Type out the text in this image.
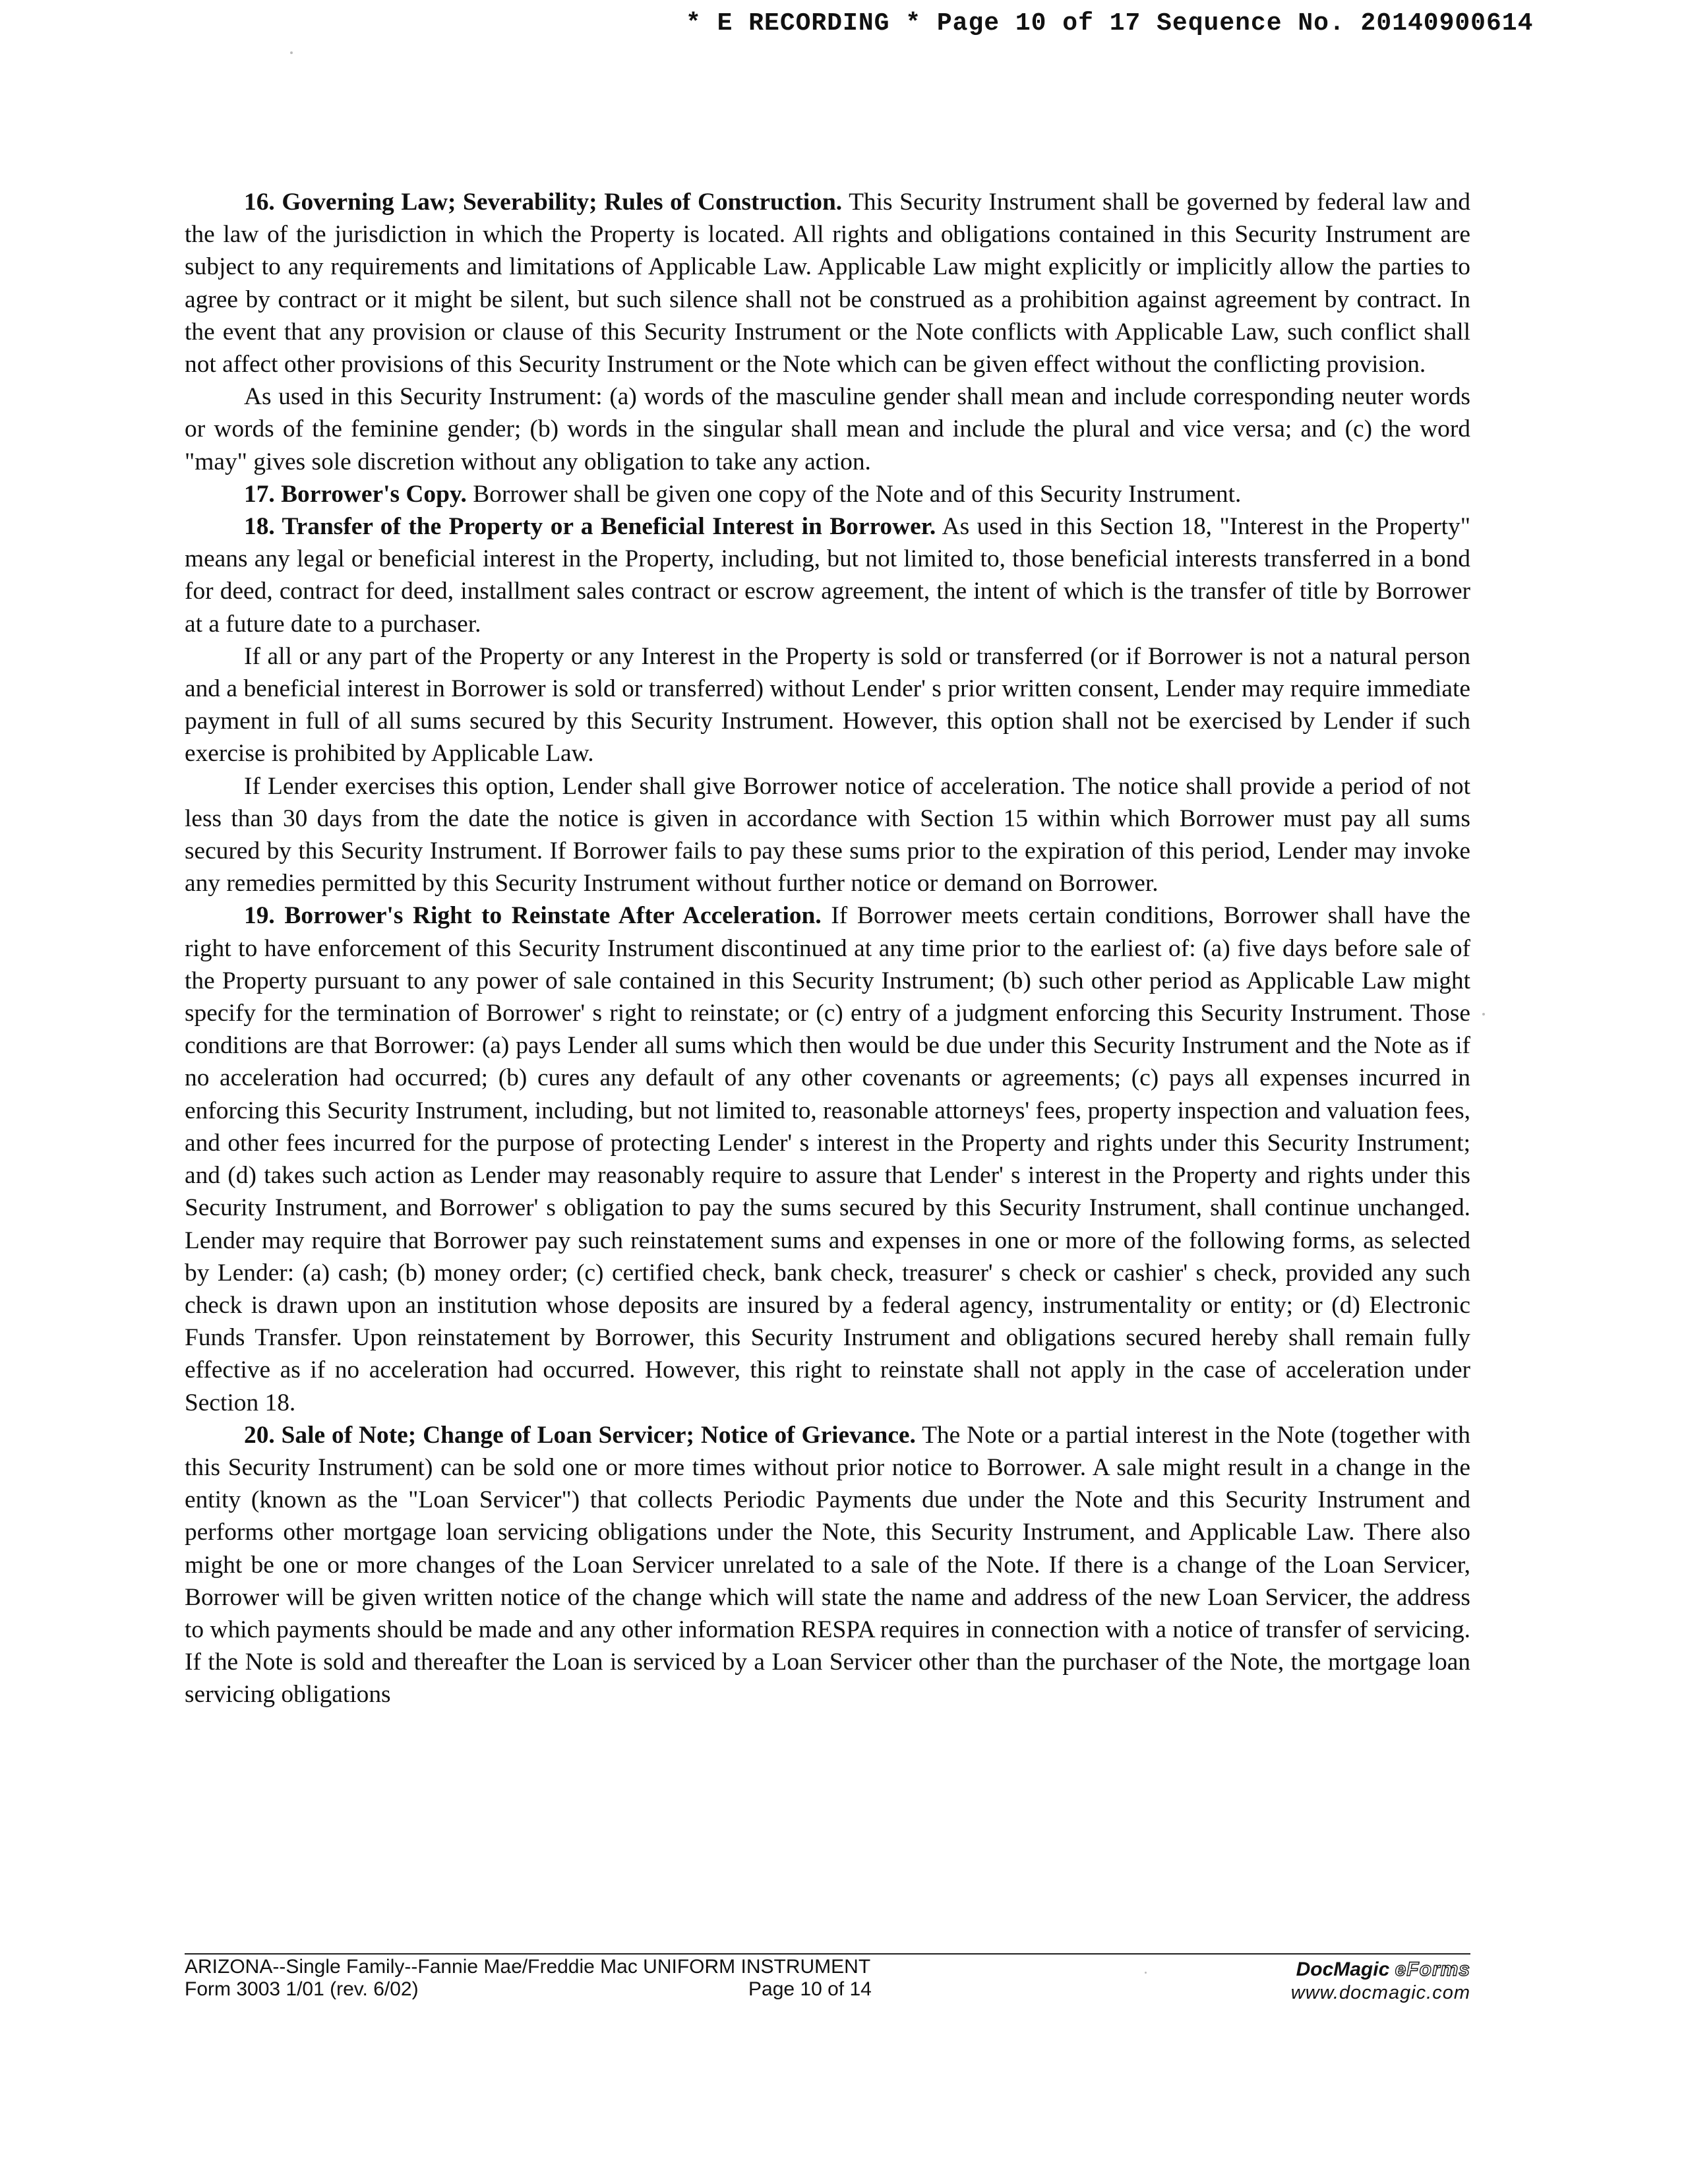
* E RECORDING * Page 10 of 17 Sequence No. 20140900614

16. Governing Law; Severability; Rules of Construction. This Security Instrument shall be governed by federal law and the law of the jurisdiction in which the Property is located. All rights and obligations contained in this Security Instrument are subject to any requirements and limitations of Applicable Law. Applicable Law might explicitly or implicitly allow the parties to agree by contract or it might be silent, but such silence shall not be construed as a prohibition against agreement by contract. In the event that any provision or clause of this Security Instrument or the Note conflicts with Applicable Law, such conflict shall not affect other provisions of this Security Instrument or the Note which can be given effect without the conflicting provision.

As used in this Security Instrument: (a) words of the masculine gender shall mean and include corresponding neuter words or words of the feminine gender; (b) words in the singular shall mean and include the plural and vice versa; and (c) the word "may" gives sole discretion without any obligation to take any action.

17. Borrower's Copy. Borrower shall be given one copy of the Note and of this Security Instrument.

18. Transfer of the Property or a Beneficial Interest in Borrower. As used in this Section 18, "Interest in the Property" means any legal or beneficial interest in the Property, including, but not limited to, those beneficial interests transferred in a bond for deed, contract for deed, installment sales contract or escrow agreement, the intent of which is the transfer of title by Borrower at a future date to a purchaser.

If all or any part of the Property or any Interest in the Property is sold or transferred (or if Borrower is not a natural person and a beneficial interest in Borrower is sold or transferred) without Lender' s prior written consent, Lender may require immediate payment in full of all sums secured by this Security Instrument. However, this option shall not be exercised by Lender if such exercise is prohibited by Applicable Law.

If Lender exercises this option, Lender shall give Borrower notice of acceleration. The notice shall provide a period of not less than 30 days from the date the notice is given in accordance with Section 15 within which Borrower must pay all sums secured by this Security Instrument. If Borrower fails to pay these sums prior to the expiration of this period, Lender may invoke any remedies permitted by this Security Instrument without further notice or demand on Borrower.

19. Borrower's Right to Reinstate After Acceleration. If Borrower meets certain conditions, Borrower shall have the right to have enforcement of this Security Instrument discontinued at any time prior to the earliest of: (a) five days before sale of the Property pursuant to any power of sale contained in this Security Instrument; (b) such other period as Applicable Law might specify for the termination of Borrower' s right to reinstate; or (c) entry of a judgment enforcing this Security Instrument. Those conditions are that Borrower: (a) pays Lender all sums which then would be due under this Security Instrument and the Note as if no acceleration had occurred; (b) cures any default of any other covenants or agreements; (c) pays all expenses incurred in enforcing this Security Instrument, including, but not limited to, reasonable attorneys' fees, property inspection and valuation fees, and other fees incurred for the purpose of protecting Lender' s interest in the Property and rights under this Security Instrument; and (d) takes such action as Lender may reasonably require to assure that Lender' s interest in the Property and rights under this Security Instrument, and Borrower' s obligation to pay the sums secured by this Security Instrument, shall continue unchanged. Lender may require that Borrower pay such reinstatement sums and expenses in one or more of the following forms, as selected by Lender: (a) cash; (b) money order; (c) certified check, bank check, treasurer' s check or cashier' s check, provided any such check is drawn upon an institution whose deposits are insured by a federal agency, instrumentality or entity; or (d) Electronic Funds Transfer. Upon reinstatement by Borrower, this Security Instrument and obligations secured hereby shall remain fully effective as if no acceleration had occurred. However, this right to reinstate shall not apply in the case of acceleration under Section 18.

20. Sale of Note; Change of Loan Servicer; Notice of Grievance. The Note or a partial interest in the Note (together with this Security Instrument) can be sold one or more times without prior notice to Borrower. A sale might result in a change in the entity (known as the "Loan Servicer") that collects Periodic Payments due under the Note and this Security Instrument and performs other mortgage loan servicing obligations under the Note, this Security Instrument, and Applicable Law. There also might be one or more changes of the Loan Servicer unrelated to a sale of the Note. If there is a change of the Loan Servicer, Borrower will be given written notice of the change which will state the name and address of the new Loan Servicer, the address to which payments should be made and any other information RESPA requires in connection with a notice of transfer of servicing. If the Note is sold and thereafter the Loan is serviced by a Loan Servicer other than the purchaser of the Note, the mortgage loan servicing obligations

ARIZONA--Single Family--Fannie Mae/Freddie Mac UNIFORM INSTRUMENT
Form 3003 1/01 (rev. 6/02)	Page 10 of 14
DocMagic eForms
www.docmagic.com
